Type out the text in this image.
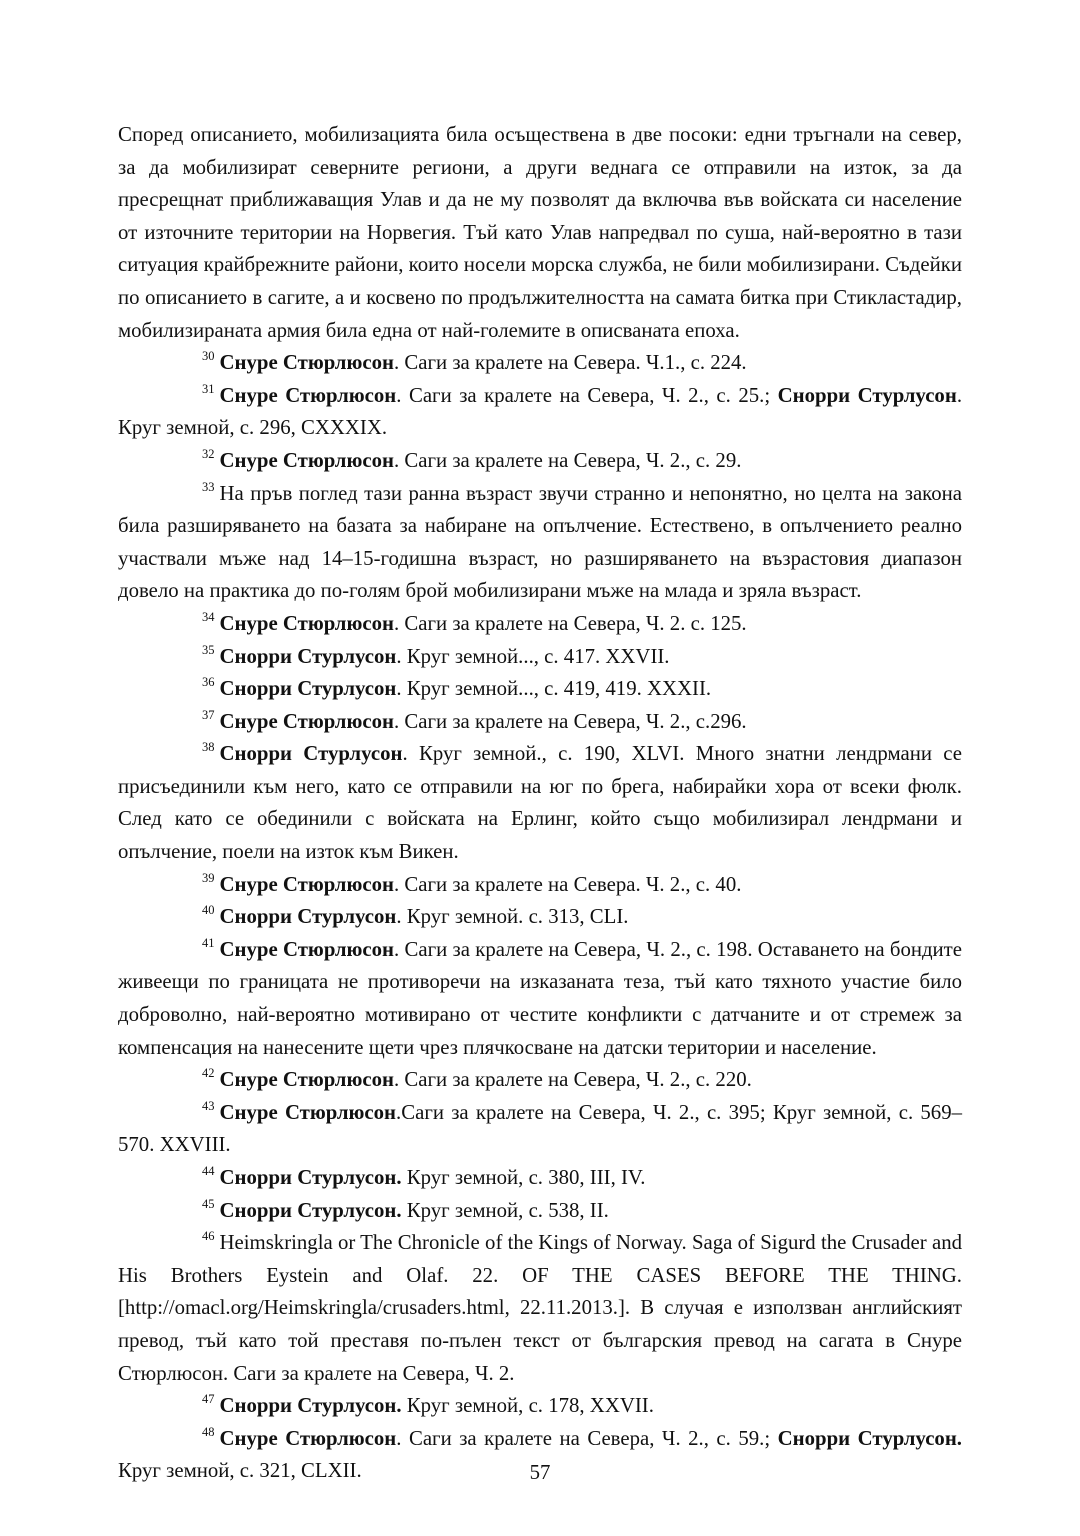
Според описанието, мобилизацията била осъществена в две посоки: едни тръгнали на север, за да мобилизират северните региони, а други веднага се отправили на изток, за да пресрещнат приближаващия Улав и да не му позволят да включва във войската си население от източните територии на Норвегия. Тъй като Улав напредвал по суша, най-вероятно в тази ситуация крайбрежните райони, които носели морска служба, не били мобилизирани. Съдейки по описанието в сагите, а и косвено по продължителността на самата битка при Стикластадир, мобилизираната армия била една от най-големите в описваната епоха.

$^{30}$ Снуре Стюрлюсон. Саги за кралете на Севера. Ч.1., с. 224.

$^{31}$ Снуре Стюрлюсон. Саги за кралете на Севера, Ч. 2., с. 25.; Снорри Стурлусон. Круг земной, с. 296, CXXXIX.

$^{32}$ Снуре Стюрлюсон. Саги за кралете на Севера, Ч. 2., с. 29.

$^{33}$ На пръв поглед тази ранна възраст звучи странно и непонятно, но целта на закона била разширяването на базата за набиране на опълчение. Естествено, в опълчението реално участвали мъже над 14–15-годишна възраст, но разширяването на възрастовия диапазон довело на практика до по-голям брой мобилизирани мъже на млада и зряла възраст.

$^{34}$ Снуре Стюрлюсон. Саги за кралете на Севера, Ч. 2. с. 125.

$^{35}$ Снорри Стурлусон. Круг земной..., с. 417. XXVII.

$^{36}$ Снорри Стурлусон. Круг земной..., с. 419, 419. XXXII.

$^{37}$ Снуре Стюрлюсон. Саги за кралете на Севера, Ч. 2., с.296.

$^{38}$ Снорри Стурлусон. Круг земной., с. 190, XLVI. Много знатни лендрмани се присъединили към него, като се отправили на юг по брега, набирайки хора от всеки фюлк. След като се обединили с войската на Ерлинг, който също мобилизирал лендрмани и опълчение, поели на изток към Викен.

$^{39}$ Снуре Стюрлюсон. Саги за кралете на Севера. Ч. 2., с. 40.

$^{40}$ Снорри Стурлусон. Круг земной. с. 313, CLI.

$^{41}$ Снуре Стюрлюсон. Саги за кралете на Севера, Ч. 2., с. 198. Оставането на бондите живеещи по границата не противоречи на изказаната теза, тъй като тяхното участие било доброволно, най-вероятно мотивирано от честите конфликти с датчаните и от стремеж за компенсация на нанесените щети чрез плячкосване на датски територии и население.

$^{42}$ Снуре Стюрлюсон. Саги за кралете на Севера, Ч. 2., с. 220.

$^{43}$ Снуре Стюрлюсон.Саги за кралете на Севера, Ч. 2., с. 395; Круг земной, с. 569–570. XXVIII.

$^{44}$ Снорри Стурлусон. Круг земной, с. 380, III, IV.

$^{45}$ Снорри Стурлусон. Круг земной, с. 538, II.

$^{46}$ Heimskringla or The Chronicle of the Kings of Norway. Saga of Sigurd the Crusader and His Brothers Eystein and Olaf. 22. OF THE CASES BEFORE THE THING. [http://omacl.org/Heimskringla/crusaders.html, 22.11.2013.]. В случая е използван английският превод, тъй като той преставя по-пълен текст от българския превод на сагата в Снуре Стюрлюсон. Саги за кралете на Севера, Ч. 2.

$^{47}$ Снорри Стурлусон. Круг земной, с. 178, XXVII.

$^{48}$ Снуре Стюрлюсон. Саги за кралете на Севера, Ч. 2., с. 59.; Снорри Стурлусон. Круг земной, с. 321, CLXII.	57
